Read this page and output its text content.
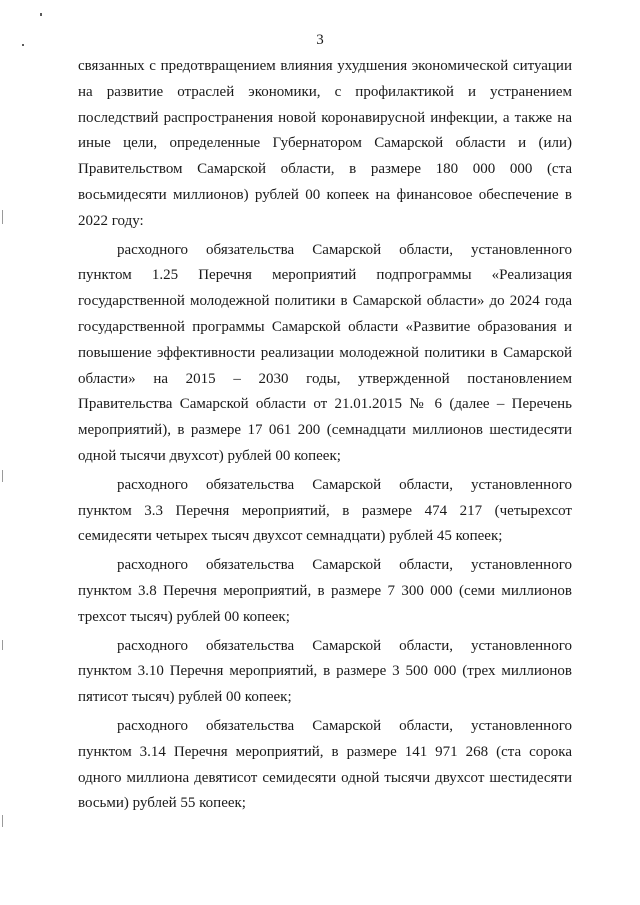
3

связанных с предотвращением влияния ухудшения экономической ситуации на развитие отраслей экономики, с профилактикой и устранением последствий распространения новой коронавирусной инфекции, а также на иные цели, определенные Губернатором Самарской области и (или) Правительством Самарской области, в размере 180 000 000 (ста восьмидесяти миллионов) рублей 00 копеек на финансовое обеспечение в 2022 году:

расходного обязательства Самарской области, установленного пунктом 1.25 Перечня мероприятий подпрограммы «Реализация государственной молодежной политики в Самарской области» до 2024 года государственной программы Самарской области «Развитие образования и повышение эффективности реализации молодежной политики в Самарской области» на 2015 – 2030 годы, утвержденной постановлением Правительства Самарской области от 21.01.2015 № 6 (далее – Перечень мероприятий), в размере 17 061 200 (семнадцати миллионов шестидесяти одной тысячи двухсот) рублей 00 копеек;

расходного обязательства Самарской области, установленного пунктом 3.3 Перечня мероприятий, в размере 474 217 (четырехсот семидесяти четырех тысяч двухсот семнадцати) рублей 45 копеек;

расходного обязательства Самарской области, установленного пунктом 3.8 Перечня мероприятий, в размере 7 300 000 (семи миллионов трехсот тысяч) рублей 00 копеек;

расходного обязательства Самарской области, установленного пунктом 3.10 Перечня мероприятий, в размере 3 500 000 (трех миллионов пятисот тысяч) рублей 00 копеек;

расходного обязательства Самарской области, установленного пунктом 3.14 Перечня мероприятий, в размере 141 971 268 (ста сорока одного миллиона девятисот семидесяти одной тысячи двухсот шестидесяти восьми) рублей 55 копеек;
